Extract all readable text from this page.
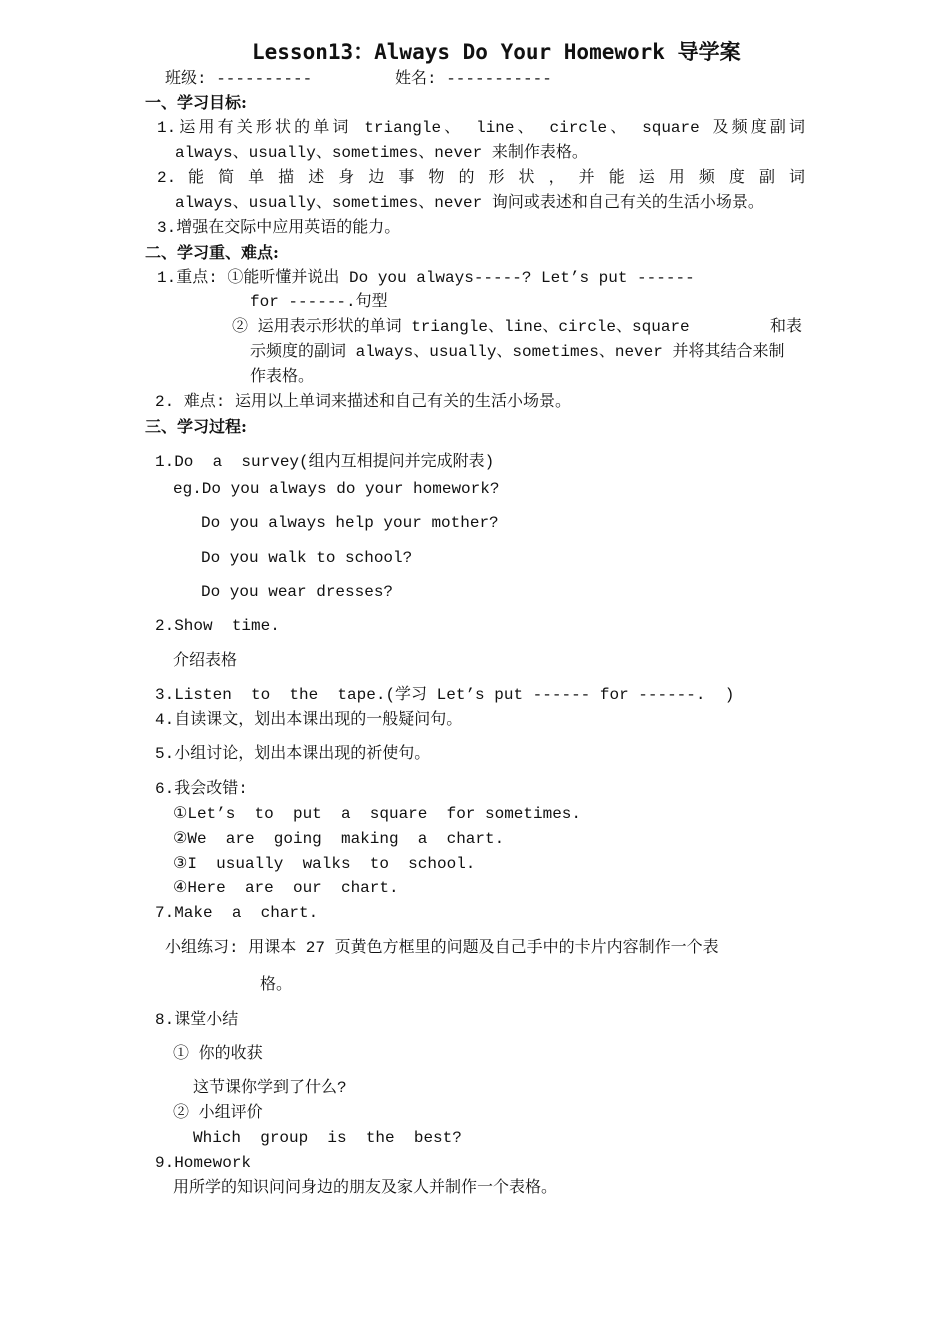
Lesson13：Always Do Your Homework 导学案
班级: ----------	姓名: -----------
一、学习目标:
1.运用有关形状的单词 triangle、 line、 circle、 square 及频度副词
always、usually、sometimes、never 来制作表格。
2. 能 简 单 描 述 身 边 事 物 的 形 状 ， 并 能 运 用 频 度 副 词
always、usually、sometimes、never 询问或表述和自己有关的生活小场景。
3.增强在交际中应用英语的能力。
二、学习重、难点:
1.重点: ①能听懂并说出 Do you always-----? Let’s put ------
for ------.句型
② 运用表示形状的单词 triangle、line、circle、square	和表
示频度的副词 always、usually、sometimes、never 并将其结合来制
作表格。
2. 难点: 运用以上单词来描述和自己有关的生活小场景。
三、学习过程:
1.Do  a  survey(组内互相提问并完成附表)
eg.Do you always do your homework?
Do you always help your mother?
Do you walk to school?
Do you wear dresses?
2.Show  time.
介绍表格
3.Listen  to  the  tape.(学习 Let’s put ------ for ------.  )
4.自读课文，划出本课出现的一般疑问句。
5.小组讨论，划出本课出现的祈使句。
6.我会改错:
①Let’s  to  put  a  square  for sometimes.
②We  are  going  making  a  chart.
③I  usually  walks  to  school.
④Here  are  our  chart.
7.Make  a  chart.
小组练习: 用课本 27 页黄色方框里的问题及自己手中的卡片内容制作一个表
格。
8.课堂小结
① 你的收获
这节课你学到了什么?
② 小组评价
Which  group  is  the  best?
9.Homework
用所学的知识问问身边的朋友及家人并制作一个表格。
